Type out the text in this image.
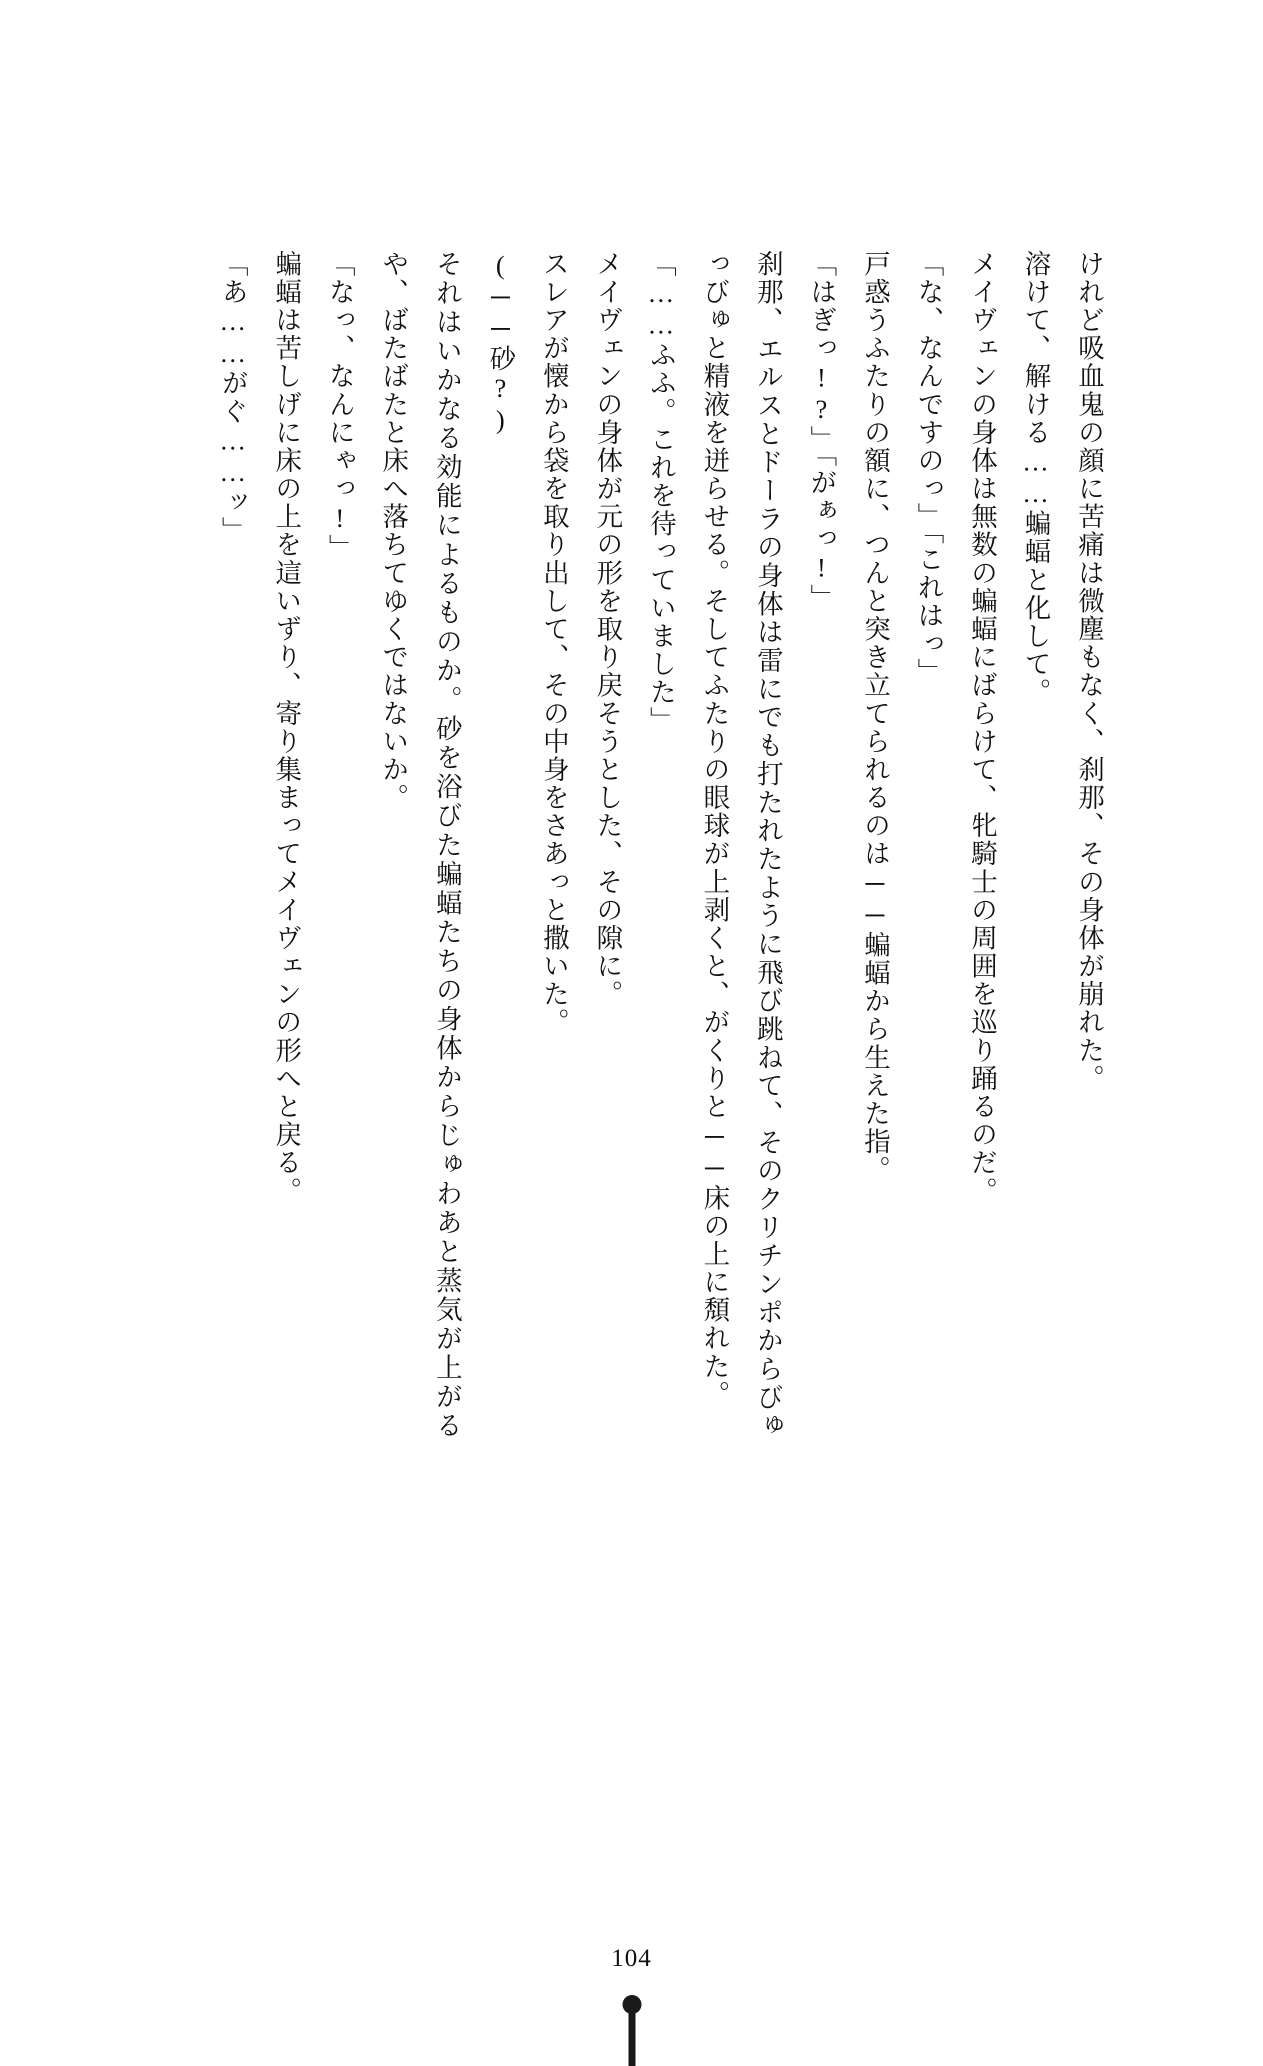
けれど吸血鬼の顔に苦痛は微塵もなく、刹那、その身体が崩れた。

溶けて、解ける……蝙蝠と化して。

メイヴェンの身体は無数の蝙蝠にばらけて、牝騎士の周囲を巡り踊るのだ。

「な、なんですのっ」「これはっ」

戸惑うふたりの額に、つんと突き立てられるのは──蝙蝠から生えた指。

「はぎっ!?」「がぁっ!」

刹那、エルスとドーラの身体は雷にでも打たれたように飛び跳ねて、そのクリチンポからびゅっびゅと精液を迸らせる。そしてふたりの眼球が上剥くと、がくりと──床の上に頽れた。

「……ふふ。これを待っていました」

メイヴェンの身体が元の形を取り戻そうとした、その隙に。

スレアが懐から袋を取り出して、その中身をさあっと撒いた。

(──砂?)

それはいかなる効能によるものか。砂を浴びた蝙蝠たちの身体からじゅわあと蒸気が上がるや、ばたばたと床へ落ちてゆくではないか。

「なっ、なんにゃっ!」

蝙蝠は苦しげに床の上を這いずり、寄り集まってメイヴェンの形へと戻る。

「あ……がぐ……ッ」

104
